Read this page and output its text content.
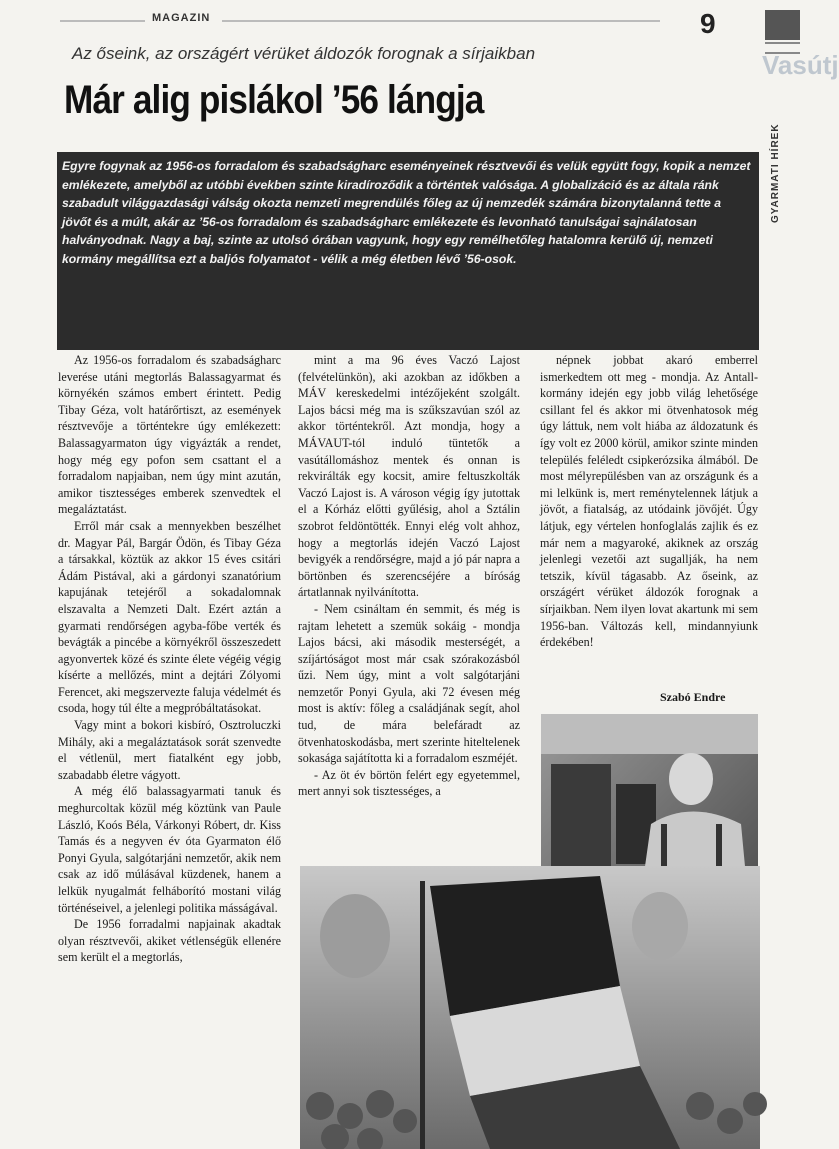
MAGAZIN	9
Vasútj
GYARMATI HÍREK
Az őseink, az országért vérüket áldozók forognak a sírjaikban
Már alig pislákol ’56 lángja
Egyre fogynak az 1956-os forradalom és szabadságharc eseményeinek résztvevői és velük együtt fogy, kopik a nemzet emlékezete, amelyből az utóbbi években szinte kiradíroződik a történtek valósága. A globalizáció és az általa ránk szabadult világgazdasági válság okozta nemzeti megrendülés főleg az új nemzedék számára bizonytalanná tette a jövőt és a múlt, akár az ’56-os forradalom és szabadságharc emlékezete és levonható tanulságai sajnálatosan halványodnak. Nagy a baj, szinte az utolsó órában vagyunk, hogy egy remélhetőleg hatalomra kerülő új, nemzeti kormány megállítsa ezt a baljós folyamatot - vélik a még életben lévő ’56-osok.

Az 1956-os forradalom és szabadságharc leverése utáni megtorlás Balassagyarmat és környékén számos embert érintett. Pedig Tibay Géza, volt határőrtiszt, az események résztvevője a történtekre úgy emlékezett: Balassagyarmaton úgy vigyázták a rendet, hogy még egy pofon sem csattant el a forradalom napjaiban, nem úgy mint azután, amikor tisztességes emberek szenvedtek el megaláztatást.

Erről már csak a mennyekben beszélhet dr. Magyar Pál, Bargár Ödön, és Tibay Géza a társakkal, köztük az akkor 15 éves csitári Ádám Pistával, aki a gárdonyi szanatórium kapujának tetejéről a sokadalomnak elszavalta a Nemzeti Dalt. Ezért aztán a gyarmati rendőrségen agyba-főbe verték és bevágták a pincébe a környékről összeszedett agyonvertek közé és szinte élete végéig végig kísérte a mellőzés, mint a dejtári Zólyomi Ferencet, aki megszervezte faluja védelmét és csoda, hogy túl élte a megpróbáltatásokat.

Vagy mint a bokori kisbíró, Osztroluczki Mihály, aki a megaláztatások sorát szenvedte el vétlenül, mert fiatalként egy jobb, szabadabb életre vágyott.

A még élő balassagyarmati tanuk és meghurcoltak közül még köztünk van Paule László, Koós Béla, Várkonyi Róbert, dr. Kiss Tamás és a negyven év óta Gyarmaton élő Ponyi Gyula, salgótarjáni nemzetőr, akik nem csak az idő múlásával küzdenek, hanem a lelkük nyugalmát felháborító mostani világ történéseivel, a jelenlegi politika másságával.

De 1956 forradalmi napjainak akadtak olyan résztvevői, akiket vétlenségük ellenére sem került el a megtorlás,

mint a ma 96 éves Vaczó Lajost (felvételünkön), aki azokban az időkben a MÁV kereskedelmi intézőjeként szolgált. Lajos bácsi még ma is szűkszavúan szól az akkor történtekről. Azt mondja, hogy a MÁVAUT-tól induló tüntetők a vasútállomáshoz mentek és onnan is rekvirálták egy kocsit, amire feltuszkolták Vaczó Lajost is. A városon végig így jutottak el a Kórház előtti gyűlésig, ahol a Sztálin szobrot feldöntötték. Ennyi elég volt ahhoz, hogy a megtorlás idején Vaczó Lajost bevigyék a rendőrségre, majd a jó pár napra a börtönben és szerencséjére a bíróság ártatlannak nyilvánította.

- Nem csináltam én semmit, és még is rajtam lehetett a szemük sokáig - mondja Lajos bácsi, aki második mesterségét, a szíjártóságot most már csak szórakozásból űzi. Nem úgy, mint a volt salgótarjáni nemzetőr Ponyi Gyula, aki 72 évesen még most is aktív: főleg a családjának segít, ahol tud, de mára belefáradt az ötvenhatoskodásba, mert szerinte hiteltelenek sokasága sajátította ki a forradalom eszméjét.

- Az öt év börtön felért egy egyetemmel, mert annyi sok tisztességes, a

népnek jobbat akaró emberrel ismerkedtem ott meg - mondja. Az Antall-kormány idején egy jobb világ lehetősége csillant fel és akkor mi ötvenhatosok még úgy láttuk, nem volt hiába az áldozatunk és így volt ez 2000 körül, amikor szinte minden település feléledt csipkerózsika álmából. De most mélyrepülésben van az országunk és a mi lelkünk is, mert reménytelennek látjuk a jövőt, a fiatalság, az utódaink jövőjét. Úgy látjuk, egy vértelen honfoglalás zajlik és ez már nem a magyaroké, akiknek az ország jelenlegi vezetői azt sugallják, ha nem tetszik, kívül tágasabb. Az őseink, az országért vérüket áldozók forognak a sírjaikban. Nem ilyen lovat akartunk mi sem 1956-ban. Változás kell, mindannyiunk érdekében!

Szabó Endre
